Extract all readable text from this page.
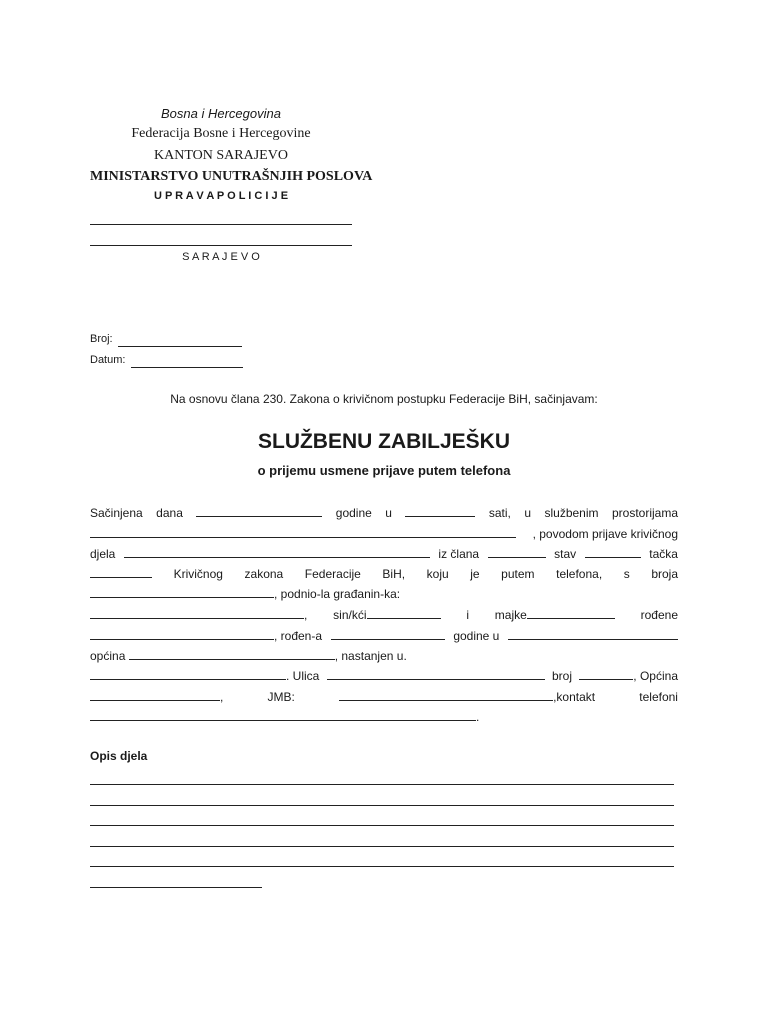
Bosna i Hercegovina
Federacija Bosne i Hercegovine
KANTON SARAJEVO
MINISTARSTVO UNUTRAŠNJIH POSLOVA
U P R A V A P O L I C I J E
S A R A J E V O
Broj:
Datum:
Na osnovu člana 230. Zakona o krivičnom postupku Federacije BiH, sačinjavam:
SLUŽBENU ZABILJEŠKU
o prijemu usmene prijave putem telefona
Sačinjena dana	godine u	sati, u službenim prostorijama
, povodom prijave krivičnog
djela	iz člana	stav	tačka
Krivičnog zakona Federacije BiH, koju je putem telefona, s broja
, podnio-la građanin-ka:
, sin/kći	i majke	rođene
, rođen-a	godine u
općina	, nastanjen u.
. Ulica	broj	, Općina
,	JMB:	,kontakt	telefoni
.
Opis djela
